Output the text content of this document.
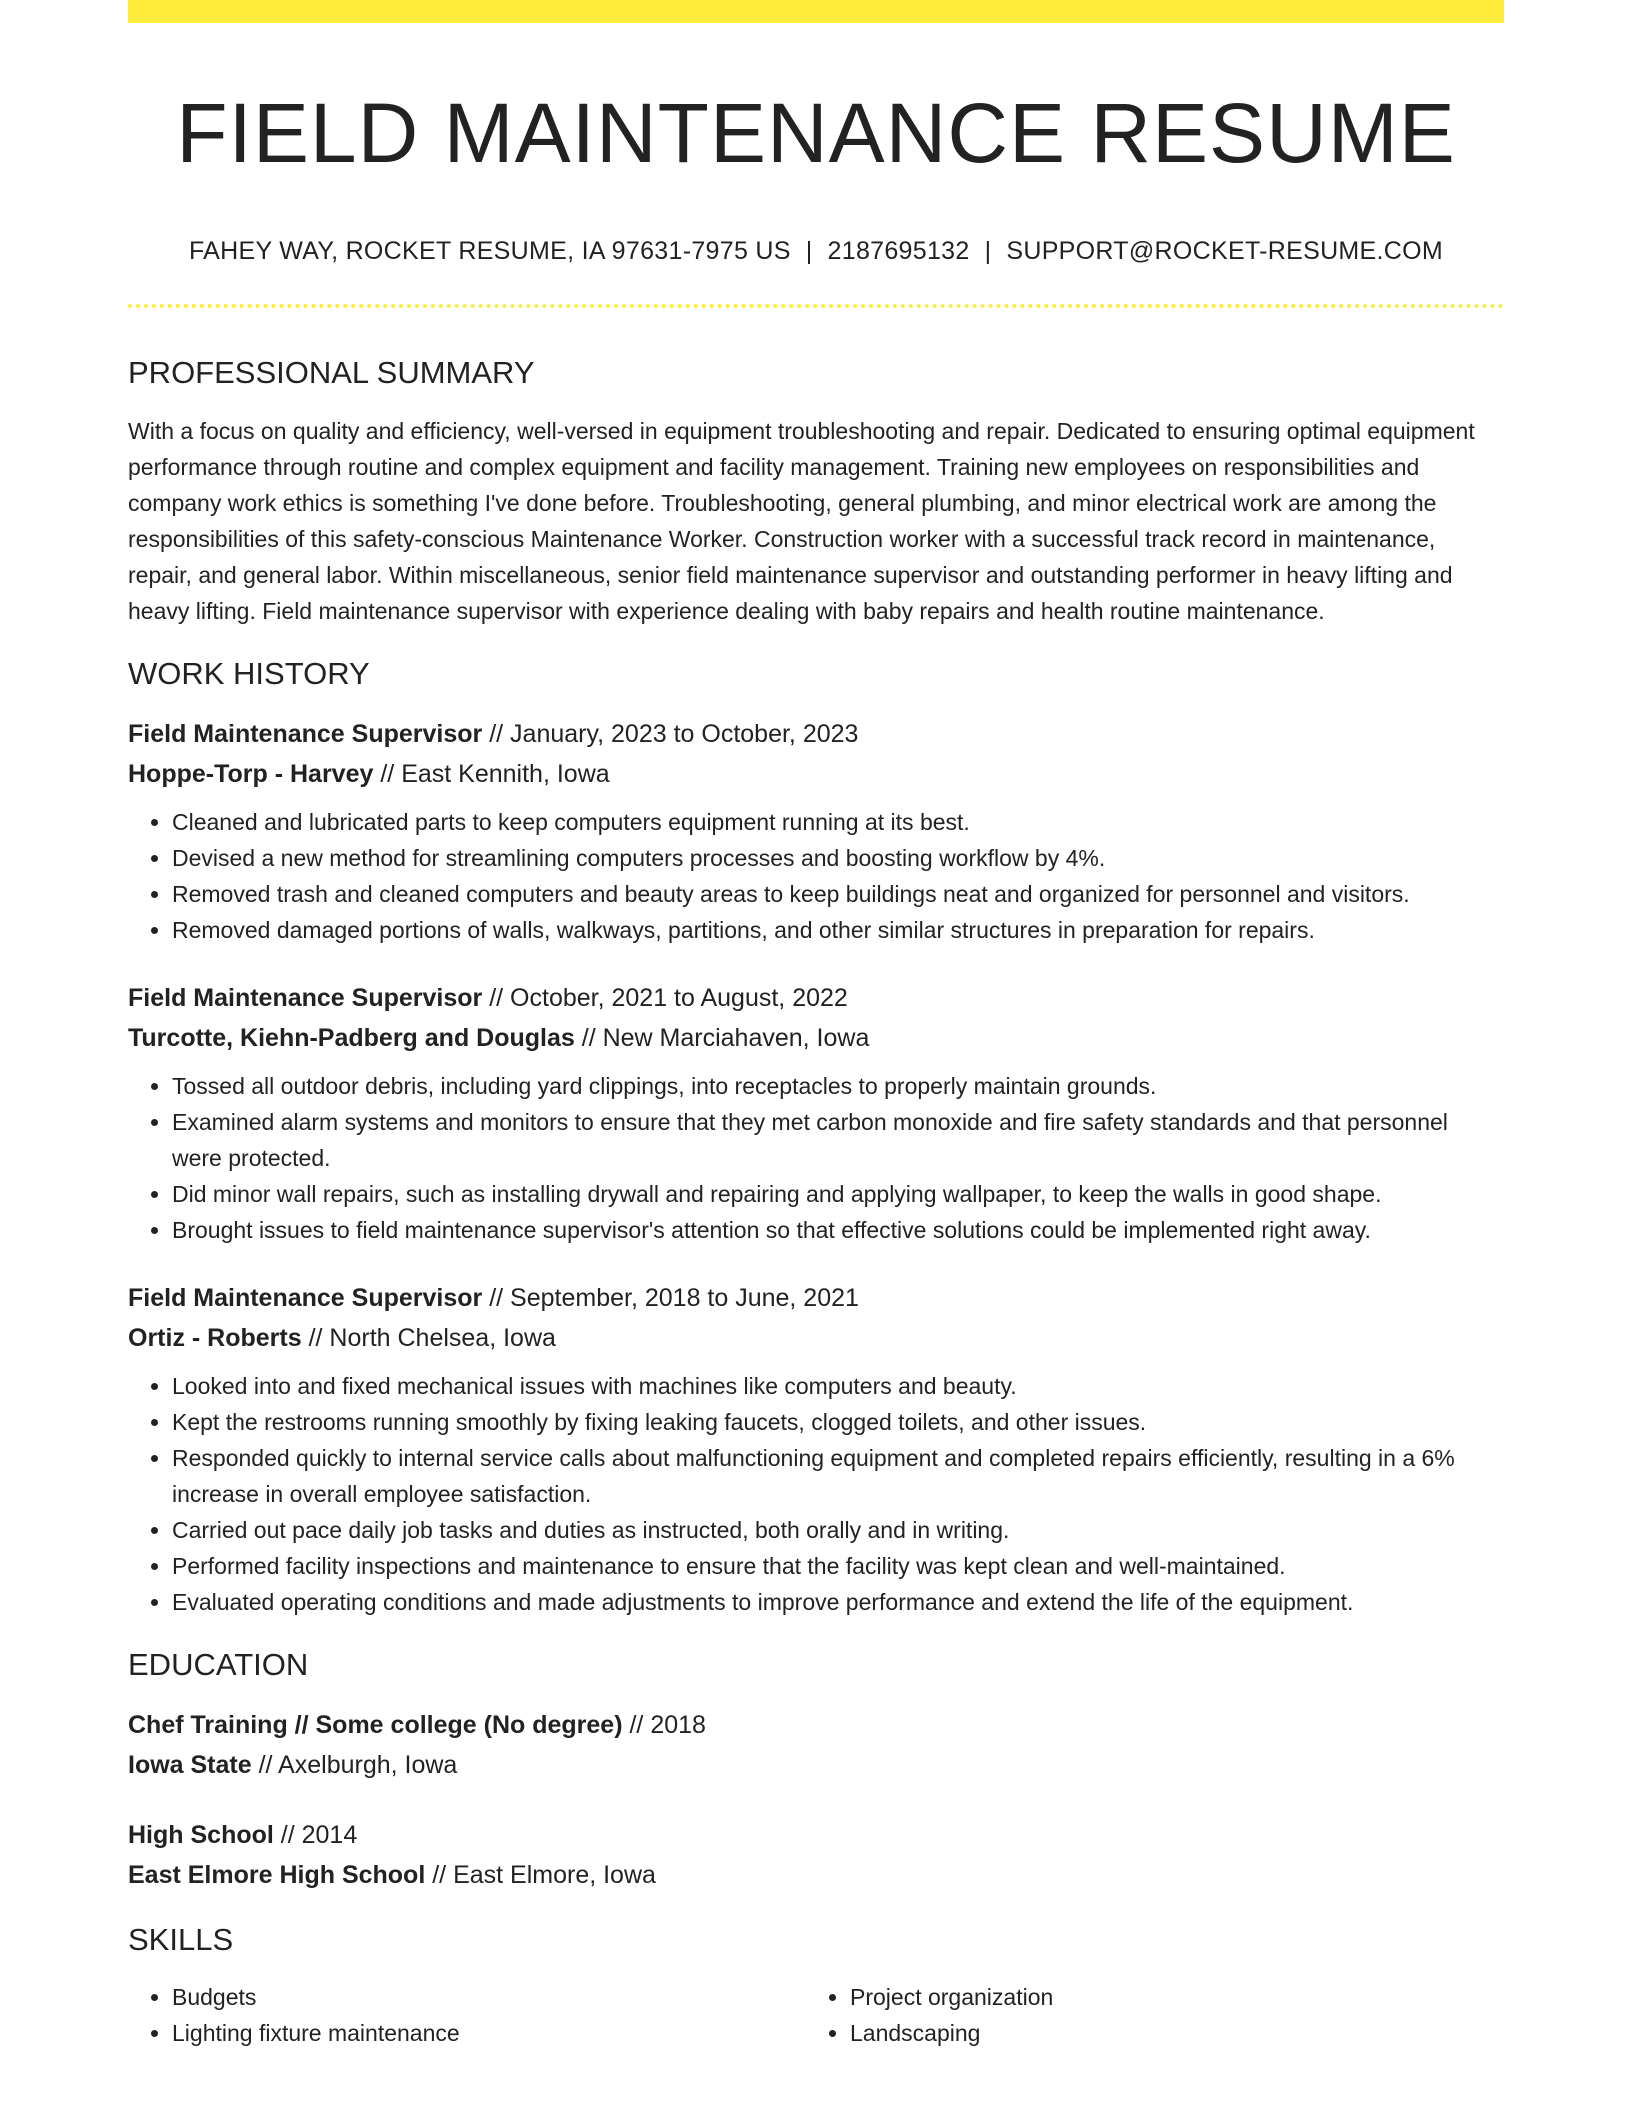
FIELD MAINTENANCE RESUME
FAHEY WAY, ROCKET RESUME, IA 97631-7975 US | 2187695132 | SUPPORT@ROCKET-RESUME.COM
PROFESSIONAL SUMMARY

With a focus on quality and efficiency, well-versed in equipment troubleshooting and repair. Dedicated to ensuring optimal equipment performance through routine and complex equipment and facility management. Training new employees on responsibilities and company work ethics is something I've done before. Troubleshooting, general plumbing, and minor electrical work are among the responsibilities of this safety-conscious Maintenance Worker. Construction worker with a successful track record in maintenance, repair, and general labor. Within miscellaneous, senior field maintenance supervisor and outstanding performer in heavy lifting and heavy lifting. Field maintenance supervisor with experience dealing with baby repairs and health routine maintenance.

WORK HISTORY
Field Maintenance Supervisor // January, 2023 to October, 2023
Hoppe-Torp - Harvey // East Kennith, Iowa
• Cleaned and lubricated parts to keep computers equipment running at its best.
• Devised a new method for streamlining computers processes and boosting workflow by 4%.
• Removed trash and cleaned computers and beauty areas to keep buildings neat and organized for personnel and visitors.
• Removed damaged portions of walls, walkways, partitions, and other similar structures in preparation for repairs.
Field Maintenance Supervisor // October, 2021 to August, 2022
Turcotte, Kiehn-Padberg and Douglas // New Marciahaven, Iowa
• Tossed all outdoor debris, including yard clippings, into receptacles to properly maintain grounds.
• Examined alarm systems and monitors to ensure that they met carbon monoxide and fire safety standards and that personnel were protected.
• Did minor wall repairs, such as installing drywall and repairing and applying wallpaper, to keep the walls in good shape.
• Brought issues to field maintenance supervisor's attention so that effective solutions could be implemented right away.
Field Maintenance Supervisor // September, 2018 to June, 2021
Ortiz - Roberts // North Chelsea, Iowa
• Looked into and fixed mechanical issues with machines like computers and beauty.
• Kept the restrooms running smoothly by fixing leaking faucets, clogged toilets, and other issues.
• Responded quickly to internal service calls about malfunctioning equipment and completed repairs efficiently, resulting in a 6% increase in overall employee satisfaction.
• Carried out pace daily job tasks and duties as instructed, both orally and in writing.
• Performed facility inspections and maintenance to ensure that the facility was kept clean and well-maintained.
• Evaluated operating conditions and made adjustments to improve performance and extend the life of the equipment.
EDUCATION
Chef Training // Some college (No degree) // 2018
Iowa State // Axelburgh, Iowa
High School // 2014
East Elmore High School // East Elmore, Iowa
SKILLS
• Budgets
• Lighting fixture maintenance
• Project organization
• Landscaping
